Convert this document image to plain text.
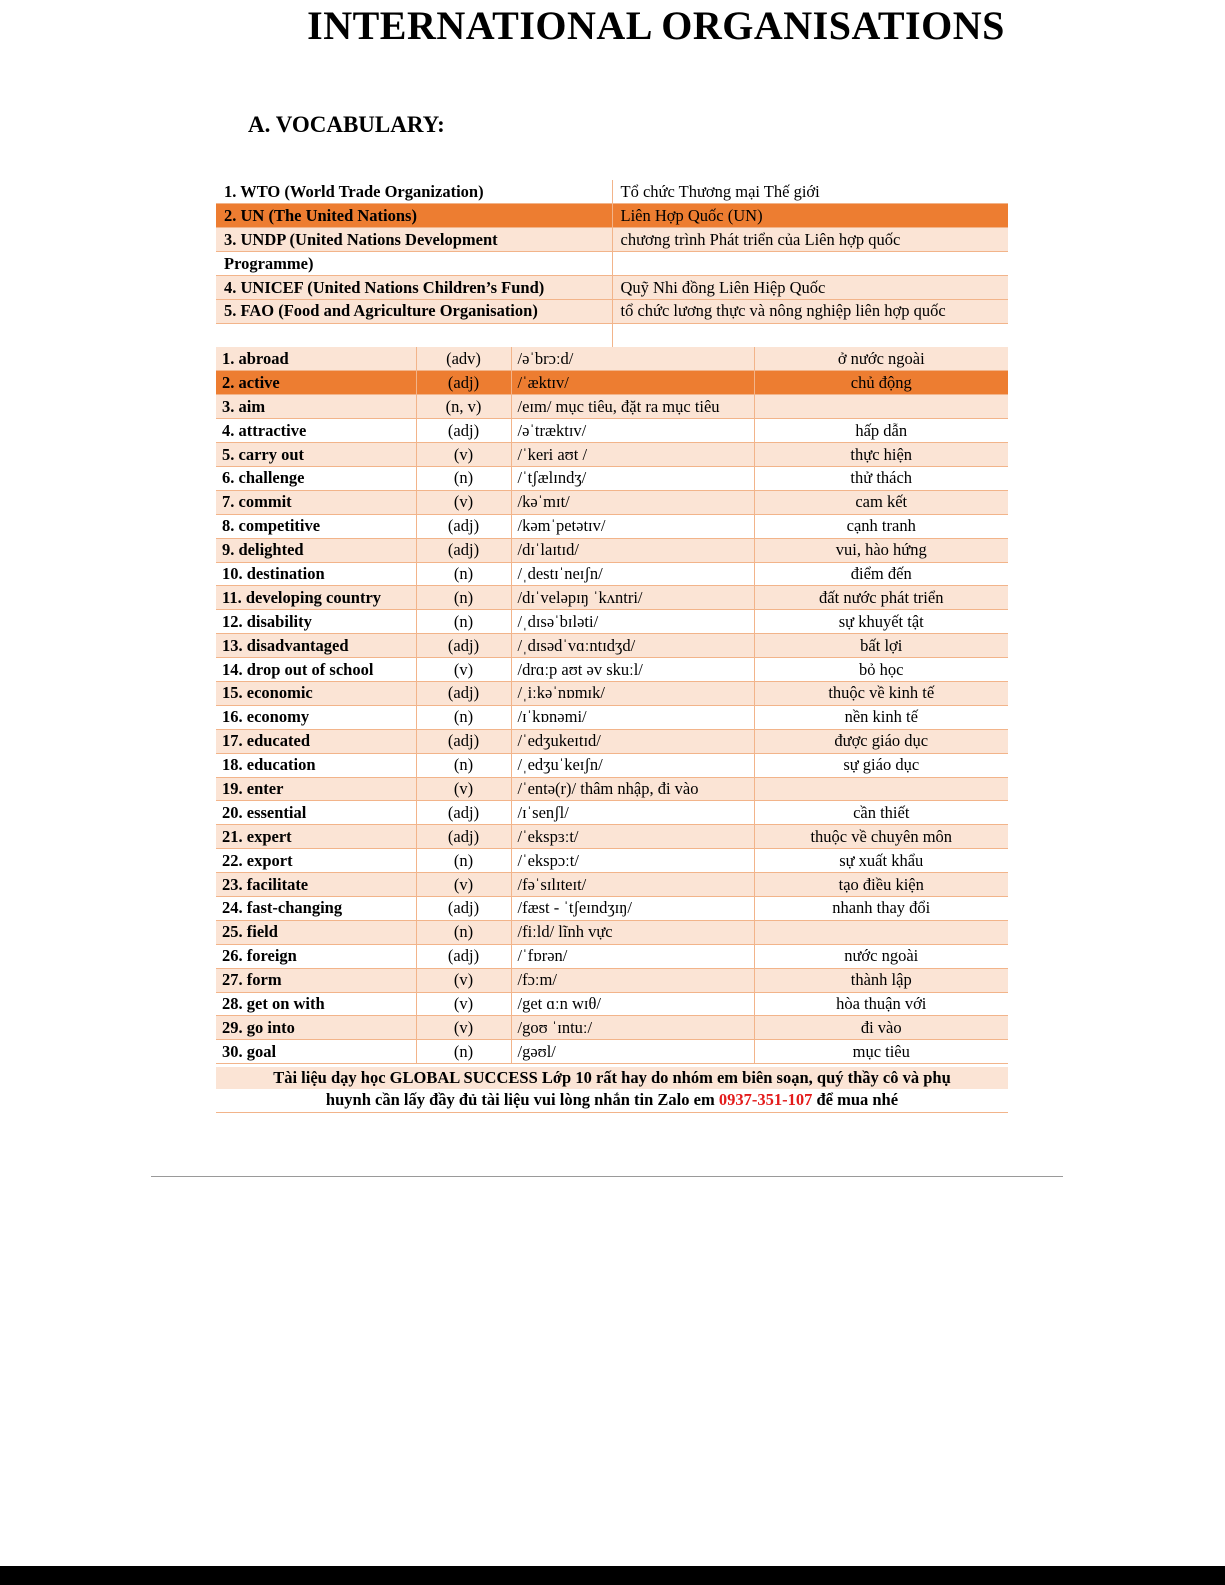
INTERNATIONAL ORGANISATIONS
A. VOCABULARY:
1. WTO (World Trade Organization)	Tổ chức Thương mại Thế giới
2. UN (The United Nations)	Liên Hợp Quốc (UN)
3. UNDP (United Nations Development	chương trình Phát triển của Liên hợp quốc
Programme)	
4. UNICEF (United Nations Children’s Fund)	Quỹ Nhi đồng Liên Hiệp Quốc
5. FAO (Food and Agriculture Organisation)	tổ chức lương thực và nông nghiệp liên hợp quốc

1. abroad	(adv)	/əˈbrɔːd/	ở nước ngoài
2. active	(adj)	/ˈæktɪv/	chủ động
3. aim	(n, v)	/eɪm/ mục tiêu, đặt ra mục tiêu	
4. attractive	(adj)	/əˈtræktɪv/	hấp dẫn
5. carry out	(v)	/ˈkeri aʊt /	thực hiện
6. challenge	(n)	/ˈtʃælɪndʒ/	thử thách
7. commit	(v)	/kəˈmɪt/	cam kết
8. competitive	(adj)	/kəmˈpetətɪv/	cạnh tranh
9. delighted	(adj)	/dɪˈlaɪtɪd/	vui, hào hứng
10. destination	(n)	/ˌdestɪˈneɪʃn/	điểm đến
11. developing country	(n)	/dɪˈveləpɪŋ ˈkʌntri/	đất nước phát triển
12. disability	(n)	/ˌdɪsəˈbɪləti/	sự khuyết tật
13. disadvantaged	(adj)	/ˌdɪsədˈvɑːntɪdʒd/	bất lợi
14. drop out of school	(v)	/drɑːp aʊt əv skuːl/	bỏ học
15. economic	(adj)	/ˌiːkəˈnɒmɪk/	thuộc về kinh tế
16. economy	(n)	/ɪˈkɒnəmi/	nền kinh tế
17. educated	(adj)	/ˈedʒukeɪtɪd/	được giáo dục
18. education	(n)	/ˌedʒuˈkeɪʃn/	sự giáo dục
19. enter	(v)	/ˈentə(r)/ thâm nhập, đi vào	
20. essential	(adj)	/ɪˈsenʃl/	cần thiết
21. expert	(adj)	/ˈekspɜːt/	thuộc về chuyên môn
22. export	(n)	/ˈekspɔːt/	sự xuất khẩu
23. facilitate	(v)	/fəˈsɪlɪteɪt/	tạo điều kiện
24. fast-changing	(adj)	/fæst - ˈtʃeɪndʒɪŋ/	nhanh thay đổi
25. field	(n)	/fiːld/ lĩnh vực	
26. foreign	(adj)	/ˈfɒrən/	nước ngoài
27. form	(v)	/fɔːm/	thành lập
28. get on with	(v)	/get ɑːn wɪθ/	hòa thuận với
29. go into	(v)	/goʊ ˈɪntuː/	đi vào
30. goal	(n)	/gəʊl/	mục tiêu
Tài liệu dạy học GLOBAL SUCCESS Lớp 10 rất hay do nhóm em biên soạn, quý thầy cô và phụ
huynh cần lấy đầy đủ tài liệu vui lòng nhắn tin Zalo em 0937-351-107 để mua nhé
